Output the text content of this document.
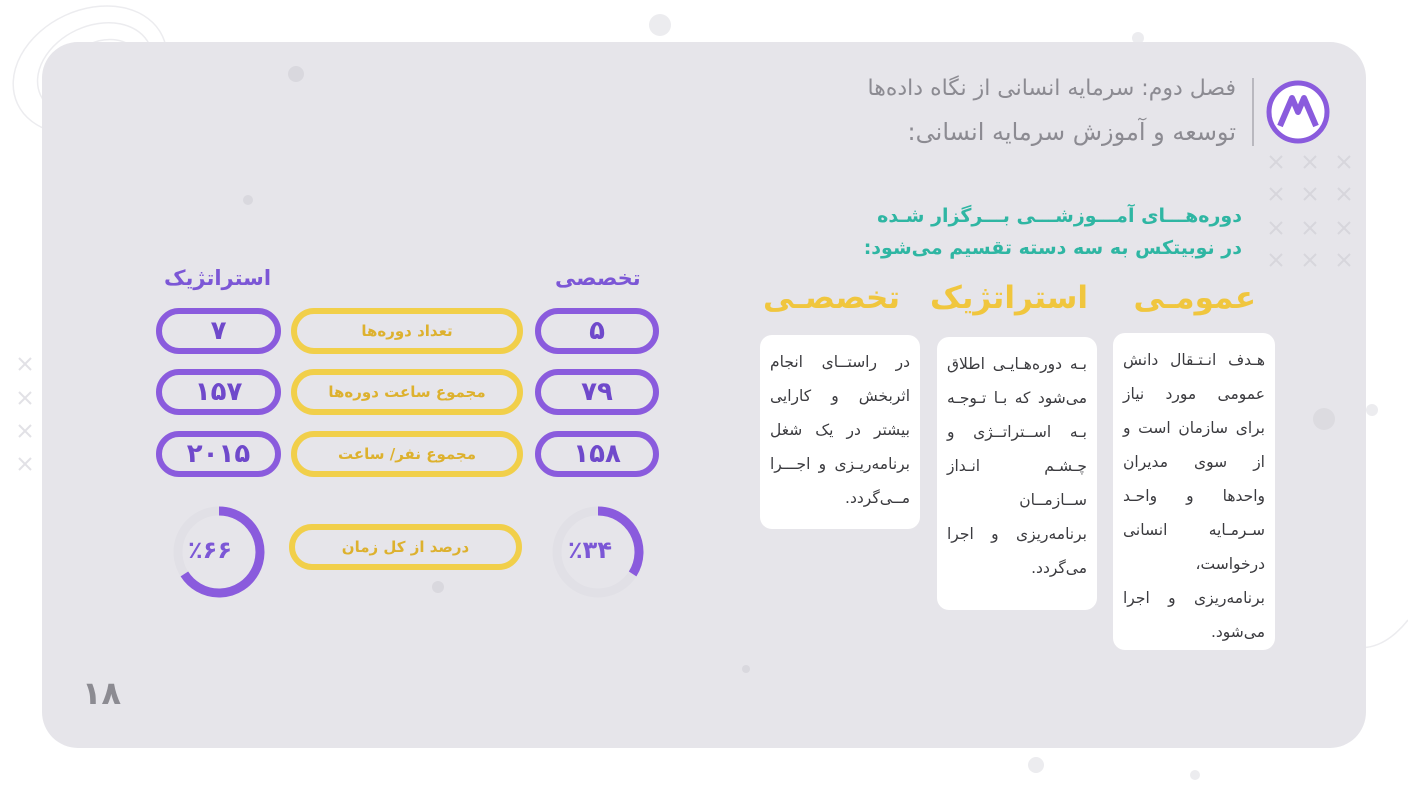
فصل دوم: سرمایه انسانی از نگاه داده‌ها
توسعه و آموزش سرمایه انسانی:
دوره‌هـــای آمـــوزشـــی بـــرگزار شـده
در نوبیتکس به سه دسته تقسیم می‌شود:
عمومـی
استراتژیک
تخصصـی
هـدف انـتـقال دانش عمومی مورد نیاز برای سازمان است و از سوی مدیران واحدها و واحـد سـرمـایه انسانی درخواست، برنامه‌ریزی و اجرا می‌شود.
بـه دوره‌هـایـی اطلاق می‌شود که بـا تـوجـه بـه اســتراتــژی و چـشـم انـداز ســازمــان برنامه‌ریزی و اجرا می‌گردد.
در راستــای انجام اثربخش و کارایی بیشتر در یک شغل برنامه‌ریـزی و اجـــرا مــی‌گردد.
تخصصی
استراتژیک
۵
تعداد دوره‌ها
۷
۷۹
مجموع ساعت دوره‌ها
۱۵۷
۱۵۸
مجموع نفر/ ساعت
۲۰۱۵
درصد از کل زمان	٪۳۴
٪۶۶
۱۸
